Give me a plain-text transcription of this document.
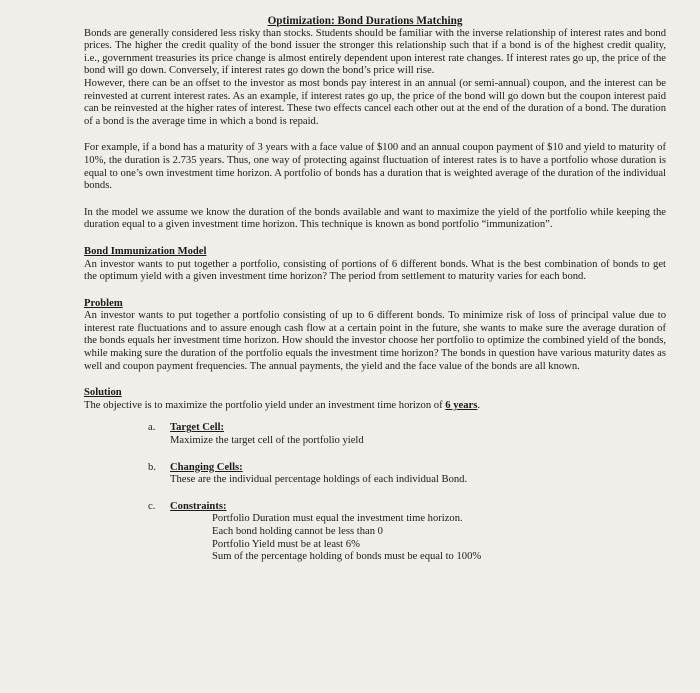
Optimization: Bond Durations Matching

Bonds are generally considered less risky than stocks. Students should be familiar with the inverse relationship of interest rates and bond prices. The higher the credit quality of the bond issuer the stronger this relationship such that if a bond is of the highest credit quality, i.e., government treasuries its price change is almost entirely dependent upon interest rate changes. If interest rates go up, the price of the bond will go down. Conversely, if interest rates go down the bond’s price will rise.

However, there can be an offset to the investor as most bonds pay interest in an annual (or semi-annual) coupon, and the interest can be reinvested at current interest rates. As an example, if interest rates go up, the price of the bond will go down but the coupon interest paid can be reinvested at the higher rates of interest. These two effects cancel each other out at the end of the duration of a bond. The duration of a bond is the average time in which a bond is repaid.

For example, if a bond has a maturity of 3 years with a face value of $100 and an annual coupon payment of $10 and yield to maturity of 10%, the duration is 2.735 years. Thus, one way of protecting against fluctuation of interest rates is to have a portfolio whose duration is equal to one’s own investment time horizon. A portfolio of bonds has a duration that is weighted average of the duration of the individual bonds.

In the model we assume we know the duration of the bonds available and want to maximize the yield of the portfolio while keeping the duration equal to a given investment time horizon. This technique is known as bond portfolio “immunization”.

Bond Immunization Model

An investor wants to put together a portfolio, consisting of portions of 6 different bonds. What is the best combination of bonds to get the optimum yield with a given investment time horizon? The period from settlement to maturity varies for each bond.

Problem

An investor wants to put together a portfolio consisting of up to 6 different bonds. To minimize risk of loss of principal value due to interest rate fluctuations and to assure enough cash flow at a certain point in the future, she wants to make sure the average duration of the bonds equals her investment time horizon. How should the investor choose her portfolio to optimize the combined yield of the bonds, while making sure the duration of the portfolio equals the investment time horizon? The bonds in question have various maturity dates as well and coupon payment frequencies. The annual payments, the yield and the face value of the bonds are all known.

Solution

The objective is to maximize the portfolio yield under an investment time horizon of 6 years.

a. Target Cell:
Maximize the target cell of the portfolio yield
b. Changing Cells:
These are the individual percentage holdings of each individual Bond.
c. Constraints:
Portfolio Duration must equal the investment time horizon.
Each bond holding cannot be less than 0
Portfolio Yield must be at least 6%
Sum of the percentage holding of bonds must be equal to 100%
